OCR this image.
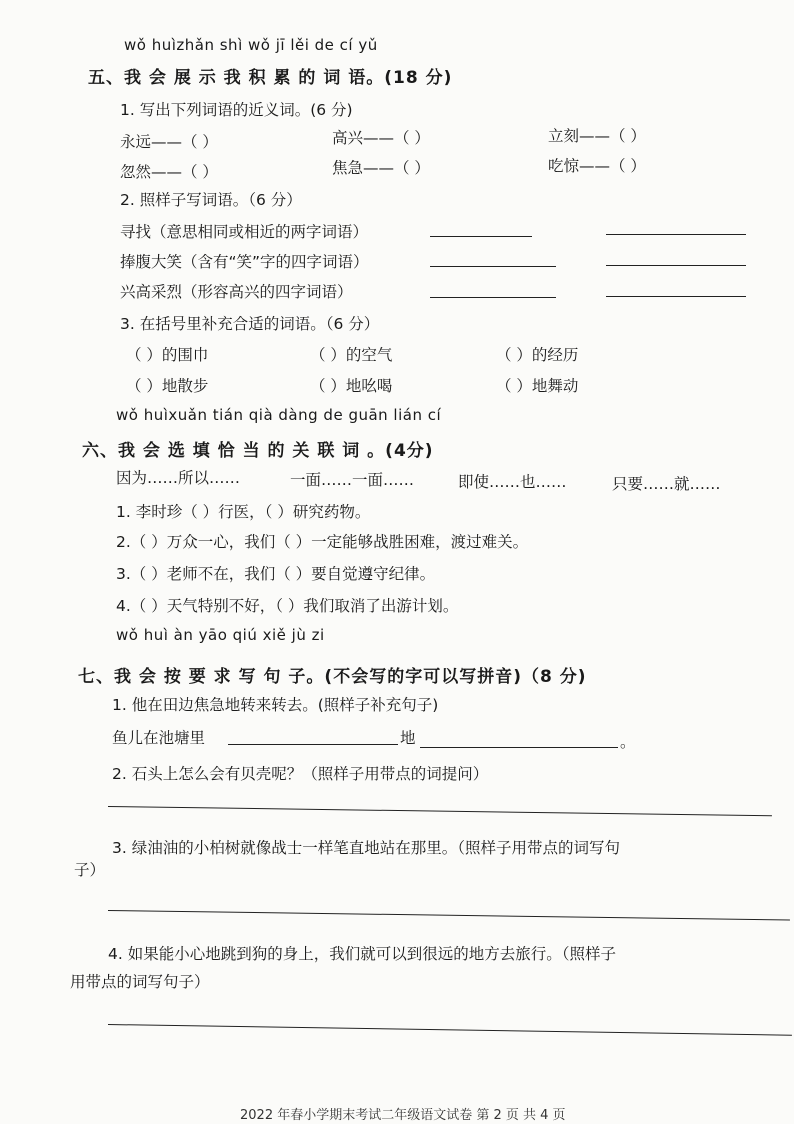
wǒ huìzhǎn shì wǒ jī lěi de cí yǔ
五、我 会 展 示 我 积 累 的 词 语。(18 分)
1. 写出下列词语的近义词。(6 分)
永远——（ ）	高兴——（ ）	立刻——（ ）
忽然——（ ）	焦急——（ ）	吃惊——（ ）
2. 照样子写词语。（6 分）
寻找（意思相同或相近的两字词语）
捧腹大笑（含有“笑”字的四字词语）
兴高采烈（形容高兴的四字词语）
3. 在括号里补充合适的词语。（6 分）
（ ）的围巾	（ ）的空气	（ ）的经历
（ ）地散步	（ ）地吆喝	（ ）地舞动
wǒ huìxuǎn tián qià dàng de guān lián cí
六、我 会 选 填 恰 当 的 关 联 词 。(4分)
因为……所以……	一面……一面……	即使……也……	只要……就……
1. 李时珍（ ）行医，（ ）研究药物。
2.（ ）万众一心，我们（ ）一定能够战胜困难，渡过难关。
3.（ ）老师不在，我们（ ）要自觉遵守纪律。
4.（ ）天气特别不好，（ ）我们取消了出游计划。
wǒ huì àn yāo qiú xiě jù zi
七、我 会 按 要 求 写 句 子。(不会写的字可以写拼音)（8 分)
1. 他在田边焦急地转来转去。(照样子补充句子)
鱼儿在池塘里	地	。
2. 石头上怎么会有贝壳呢？（照样子用带点的词提问）
3. 绿油油的小柏树就像战士一样笔直地站在那里。（照样子用带点的词写句
子）
4. 如果能小心地跳到狗的身上，我们就可以到很远的地方去旅行。（照样子
用带点的词写句子）
2022 年春小学期末考试二年级语文试卷 第 2 页 共 4 页
